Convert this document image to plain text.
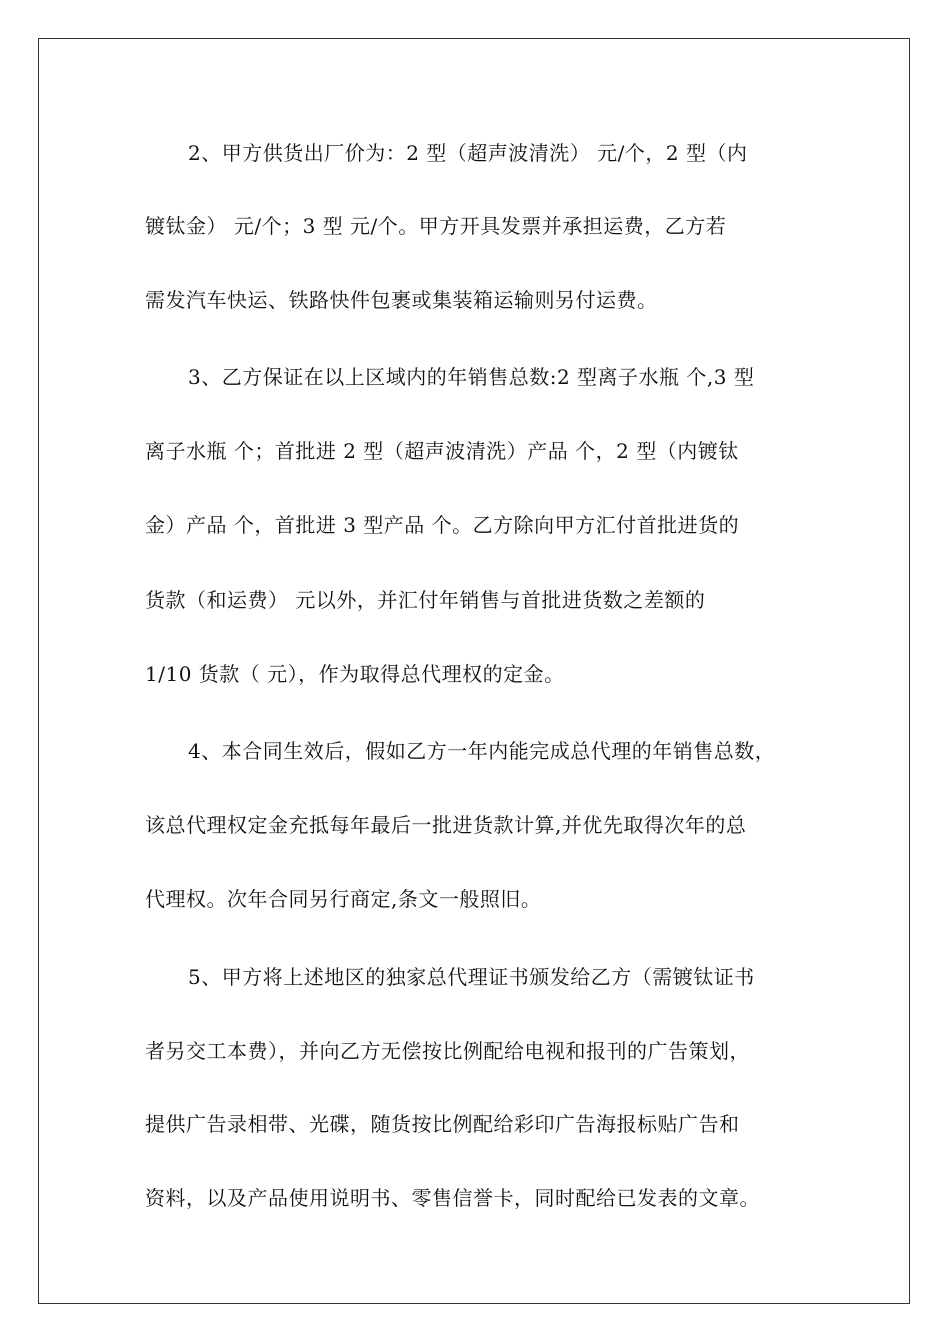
2、甲方供货出厂价为：2 型（超声波清洗） 元/个，2 型（内
镀钛金） 元/个；3 型 元/个。甲方开具发票并承担运费，乙方若
需发汽车快运、铁路快件包裹或集装箱运输则另付运费。
3、乙方保证在以上区域内的年销售总数:2 型离子水瓶 个,3 型
离子水瓶 个；首批进 2 型（超声波清洗）产品 个，2 型（内镀钛
金）产品 个，首批进 3 型产品 个。乙方除向甲方汇付首批进货的
货款（和运费） 元以外，并汇付年销售与首批进货数之差额的
1/10 货款（ 元），作为取得总代理权的定金。
4、本合同生效后，假如乙方一年内能完成总代理的年销售总数，
该总代理权定金充抵每年最后一批进货款计算,并优先取得次年的总
代理权。次年合同另行商定,条文一般照旧。
5、甲方将上述地区的独家总代理证书颁发给乙方（需镀钛证书
者另交工本费），并向乙方无偿按比例配给电视和报刊的广告策划，
提供广告录相带、光碟，随货按比例配给彩印广告海报标贴广告和
资料，以及产品使用说明书、零售信誉卡，同时配给已发表的文章。
